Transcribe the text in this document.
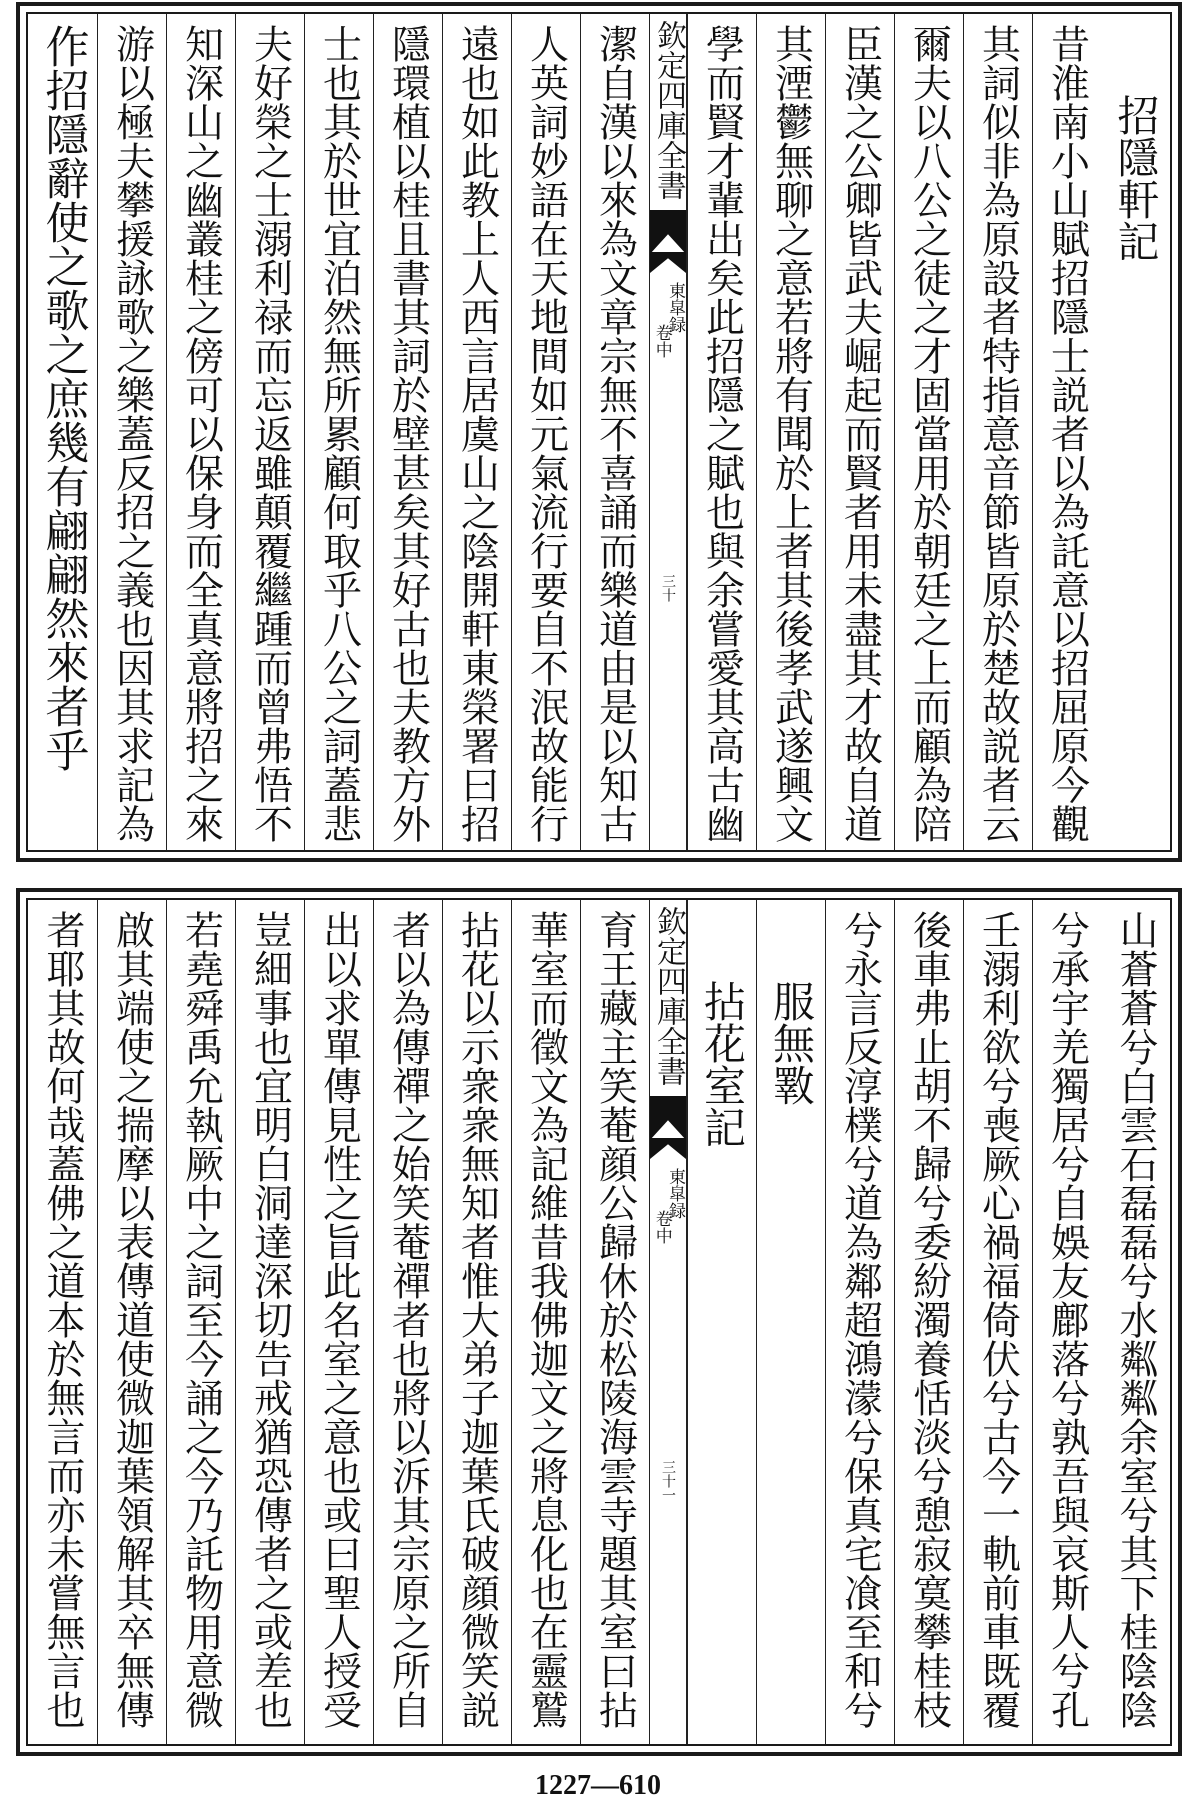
招隱軒記
昔淮南小山賦招隱士説者以為託意以招屈原今觀
其詞似非為原設者特指意音節皆原於楚故説者云
爾夫以八公之徒之才固當用於朝廷之上而顧為陪
臣漢之公卿皆武夫崛起而賢者用未盡其才故自道
其湮鬱無聊之意若將有聞於上者其後孝武遂興文
學而賢才輩出矣此招隱之賦也與余嘗愛其高古幽
欽定四庫全書
東皐録
卷中
三十
潔自漢以來為文章宗無不喜誦而樂道由是以知古
人英詞妙語在天地間如元氣流行要自不泯故能行
遠也如此教上人西言居虞山之陰開軒東榮署曰招
隱環植以桂且書其詞於壁甚矣其好古也夫教方外
士也其於世宜泊然無所累顧何取乎八公之詞蓋悲
夫好榮之士溺利禄而忘返雖顛覆繼踵而曾弗悟不
知深山之幽叢桂之傍可以保身而全真意將招之來
游以極夫攀援詠歌之樂蓋反招之義也因其求記為
作招隱辭使之歌之庶幾有翩翩然來者乎
山蒼蒼兮白雲石磊磊兮水粼粼余室兮其下桂陰陰
兮承宇羌獨居兮自娛友鄜落兮孰吾與哀斯人兮孔
壬溺利欲兮喪厥心禍福倚伏兮古今一軌前車既覆
後車弗止胡不歸兮委紛濁養恬淡兮憩寂寞攀桂枝
兮永言反淳樸兮道為鄰超鴻濛兮保真宅飡至和兮
服無斁
拈花室記
欽定四庫全書
東皐録
卷中
三十一
育王藏主笑菴顔公歸休於松陵海雲寺題其室曰拈
華室而徵文為記維昔我佛迦文之將息化也在靈鷲
拈花以示衆衆無知者惟大弟子迦葉氏破顔微笑説
者以為傳禪之始笑菴禪者也將以泝其宗原之所自
出以求單傳見性之旨此名室之意也或曰聖人授受
豈細事也宜明白洞達深切告戒猶恐傳者之或差也
若堯舜禹允執厥中之詞至今誦之今乃託物用意微
啟其端使之揣摩以表傳道使微迦葉領解其卒無傳
者耶其故何哉蓋佛之道本於無言而亦未嘗無言也
1227—610
